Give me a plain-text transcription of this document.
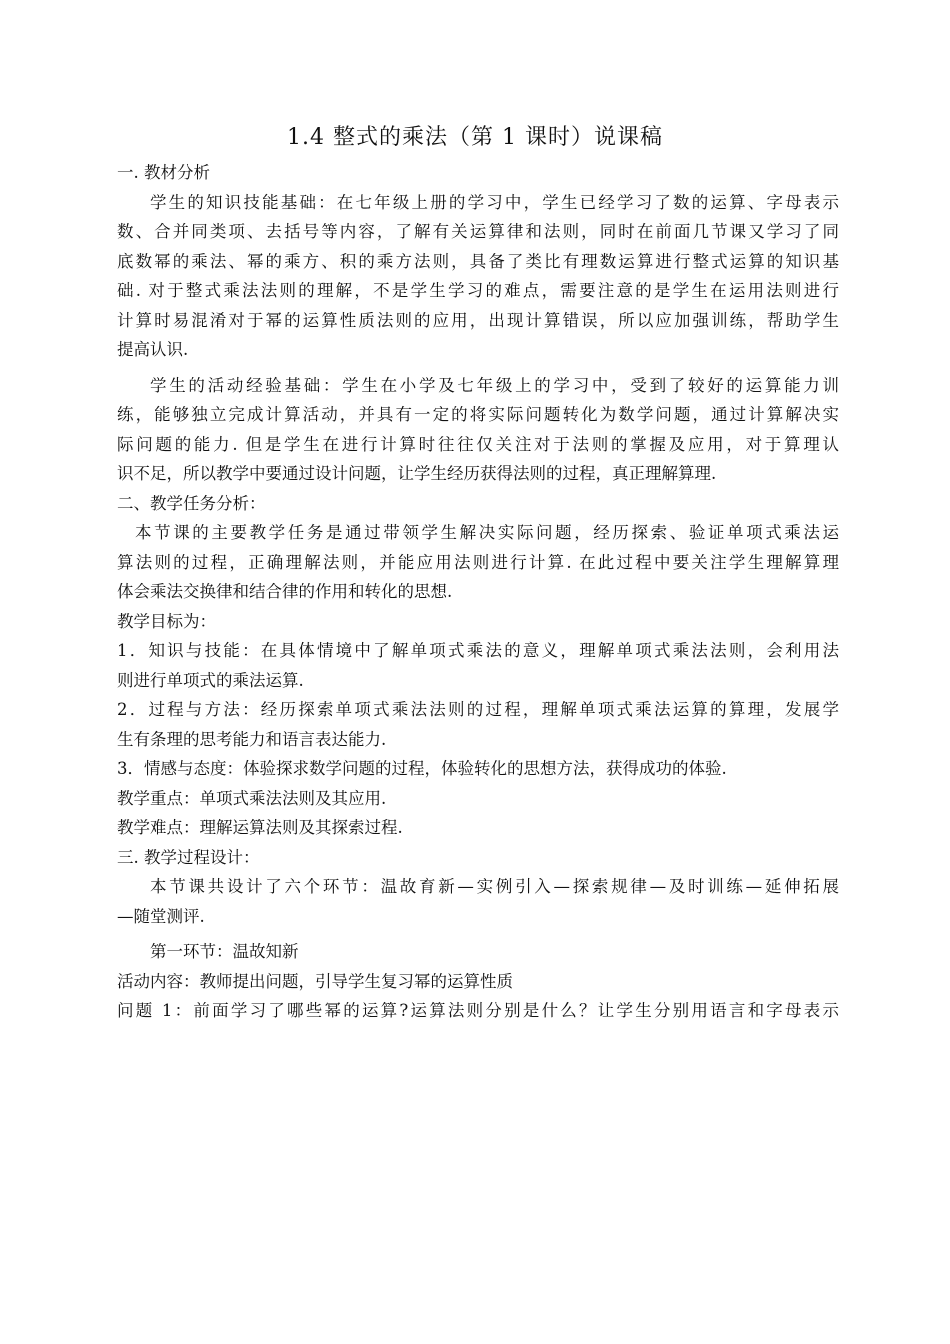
1.4 整式的乘法（第 1 课时）说课稿
一. 教材分析
学生的知识技能基础：在七年级上册的学习中，学生已经学习了数的运算、字母表示
数、合并同类项、去括号等内容，了解有关运算律和法则，同时在前面几节课又学习了同
底数幂的乘法、幂的乘方、积的乘方法则，具备了类比有理数运算进行整式运算的知识基
础. 对于整式乘法法则的理解，不是学生学习的难点，需要注意的是学生在运用法则进行
计算时易混淆对于幂的运算性质法则的应用，出现计算错误，所以应加强训练，帮助学生
提高认识.
学生的活动经验基础：学生在小学及七年级上的学习中，受到了较好的运算能力训
练，能够独立完成计算活动，并具有一定的将实际问题转化为数学问题，通过计算解决实
际问题的能力. 但是学生在进行计算时往往仅关注对于法则的掌握及应用，对于算理认
识不足，所以教学中要通过设计问题，让学生经历获得法则的过程，真正理解算理.
二、教学任务分析：
本节课的主要教学任务是通过带领学生解决实际问题，经历探索、验证单项式乘法运
算法则的过程，正确理解法则，并能应用法则进行计算. 在此过程中要关注学生理解算理
体会乘法交换律和结合律的作用和转化的思想.
教学目标为：
1．知识与技能：在具体情境中了解单项式乘法的意义，理解单项式乘法法则，会利用法
则进行单项式的乘法运算.
2．过程与方法：经历探索单项式乘法法则的过程，理解单项式乘法运算的算理，发展学
生有条理的思考能力和语言表达能力.
3．情感与态度：体验探求数学问题的过程，体验转化的思想方法，获得成功的体验.
教学重点：单项式乘法法则及其应用.
教学难点：理解运算法则及其探索过程.
三. 教学过程设计：
本节课共设计了六个环节：温故育新—实例引入—探索规律—及时训练—延伸拓展
—随堂测评.
第一环节：温故知新
活动内容：教师提出问题，引导学生复习幂的运算性质
问题 1：前面学习了哪些幂的运算?运算法则分别是什么？让学生分别用语言和字母表示
